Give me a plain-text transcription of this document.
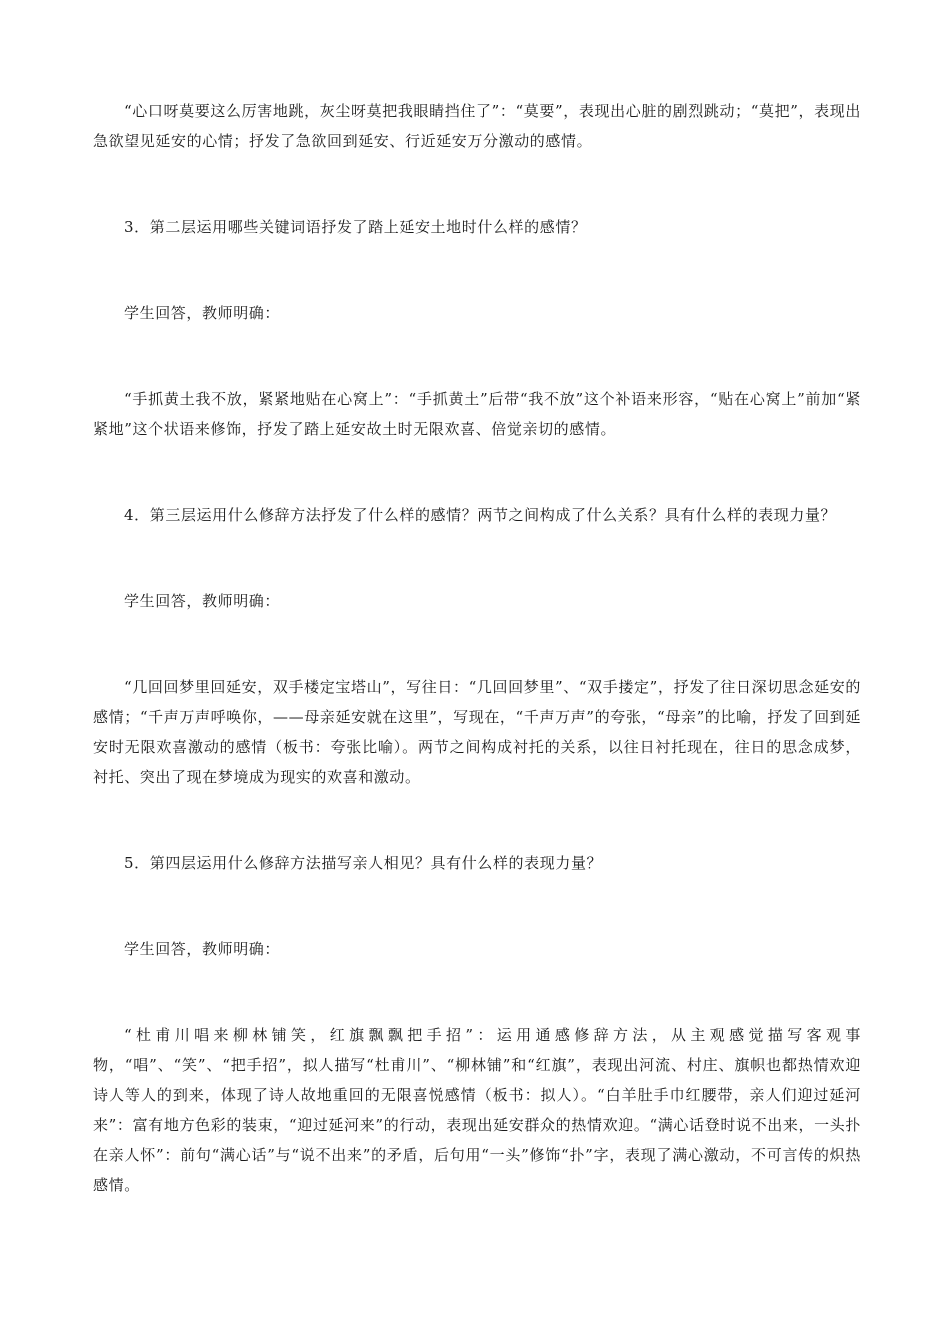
“心口呀莫要这么厉害地跳，灰尘呀莫把我眼睛挡住了”：“莫要”，表现出心脏的剧烈跳动；“莫把”，表现出急欲望见延安的心情；抒发了急欲回到延安、行近延安万分激动的感情。

3．第二层运用哪些关键词语抒发了踏上延安土地时什么样的感情？

学生回答，教师明确：

“手抓黄土我不放，紧紧地贴在心窝上”：“手抓黄土”后带“我不放”这个补语来形容，“贴在心窝上”前加“紧紧地”这个状语来修饰，抒发了踏上延安故土时无限欢喜、倍觉亲切的感情。

4．第三层运用什么修辞方法抒发了什么样的感情？两节之间构成了什么关系？具有什么样的表现力量？

学生回答，教师明确：

“几回回梦里回延安，双手楼定宝塔山”，写往日：“几回回梦里”、“双手搂定”，抒发了往日深切思念延安的感情；“千声万声呼唤你，——母亲延安就在这里”，写现在，“千声万声”的夸张，“母亲”的比喻，抒发了回到延安时无限欢喜激动的感情（板书：夸张比喻）。两节之间构成衬托的关系，以往日衬托现在，往日的思念成梦，衬托、突出了现在梦境成为现实的欢喜和激动。

5．第四层运用什么修辞方法描写亲人相见？具有什么样的表现力量？

学生回答，教师明确：

“杜甫川唱来柳林铺笑，红旗飘飘把手招”：运用通感修辞方法，从主观感觉描写客观事物，“唱”、“笑”、“把手招”，拟人描写“杜甫川”、“柳林铺”和“红旗”，表现出河流、村庄、旗帜也都热情欢迎诗人等人的到来，体现了诗人故地重回的无限喜悦感情（板书：拟人）。“白羊肚手巾红腰带，亲人们迎过延河来”：富有地方色彩的装束，“迎过延河来”的行动，表现出延安群众的热情欢迎。“满心话登时说不出来，一头扑在亲人怀”：前句“满心话”与“说不出来”的矛盾，后句用“一头”修饰“扑”字，表现了满心激动，不可言传的炽热感情。
